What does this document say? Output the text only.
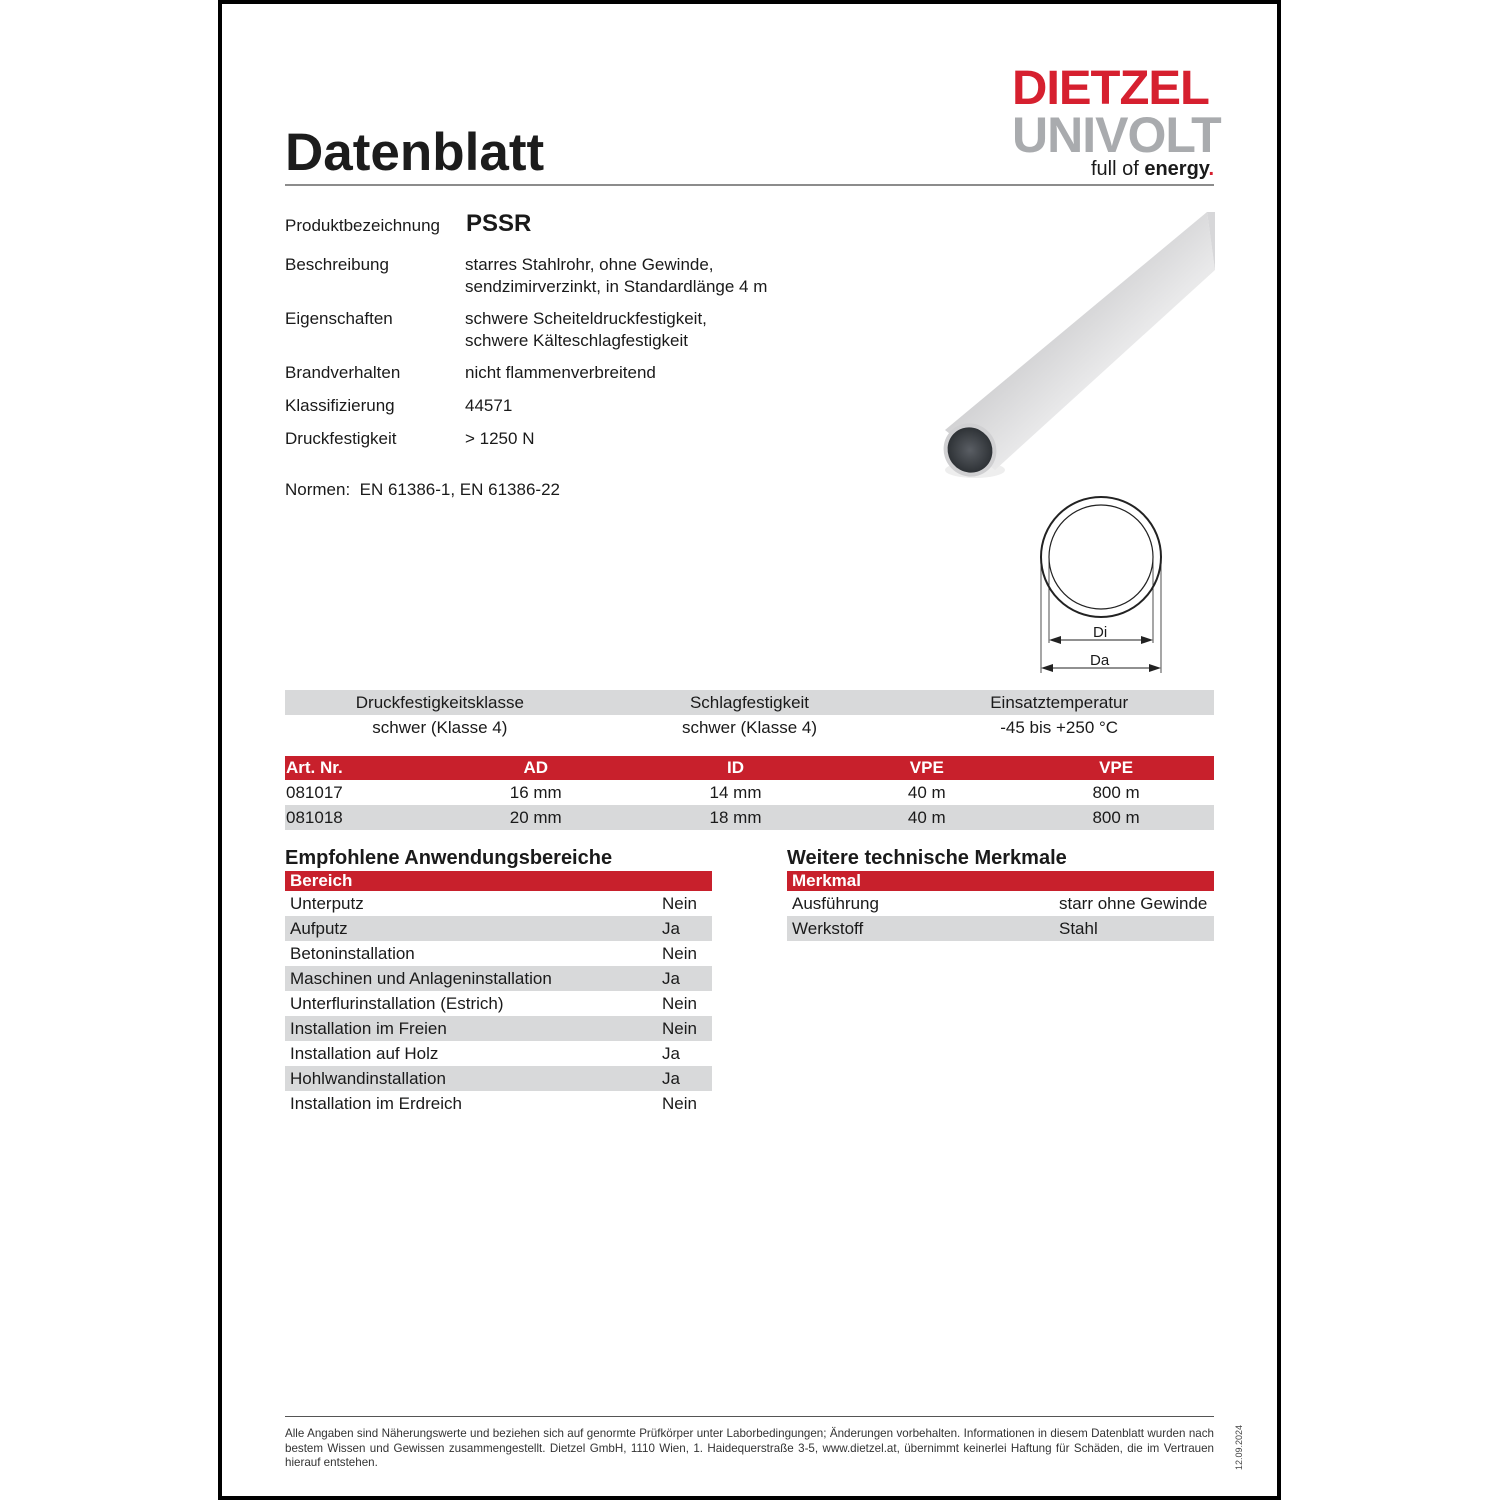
Datenblatt
DIETZEL
UNIVOLT
full of energy.
Produktbezeichnung PSSR
Beschreibung	starres Stahlrohr, ohne Gewinde,
sendzimirverzinkt, in Standardlänge 4 m
Eigenschaften	schwere Scheiteldruckfestigkeit,
schwere Kälteschlagfestigkeit
Brandverhalten	nicht flammenverbreitend
Klassifizierung	44571
Druckfestigkeit	> 1250 N
Normen:  EN 61386-1, EN 61386-22
Di
Da
Druckfestigkeitsklasse	Schlagfestigkeit	Einsatztemperatur
schwer (Klasse 4)	schwer (Klasse 4)	-45 bis +250 °C
Art. Nr.	AD	ID	VPE	VPE
081017	16 mm	14 mm	40 m	800 m
081018	20 mm	18 mm	40 m	800 m
Empfohlene Anwendungsbereiche
Bereich
Unterputz	Nein
Aufputz	Ja
Betoninstallation	Nein
Maschinen und Anlageninstallation	Ja
Unterflurinstallation (Estrich)	Nein
Installation im Freien	Nein
Installation auf Holz	Ja
Hohlwandinstallation	Ja
Installation im Erdreich	Nein
Weitere technische Merkmale
Merkmal
Ausführung	starr ohne Gewinde
Werkstoff	Stahl
Alle Angaben sind Näherungswerte und beziehen sich auf genormte Prüfkörper unter Laborbedingungen; Änderungen vorbehalten. Informationen in diesem Datenblatt wurden nach bestem Wissen und Gewissen zusammengestellt. Dietzel GmbH, 1110 Wien, 1. Haidequerstraße 3-5, www.dietzel.at, übernimmt keinerlei Haftung für Schäden, die im Vertrauen hierauf entstehen.	12.09.2024
